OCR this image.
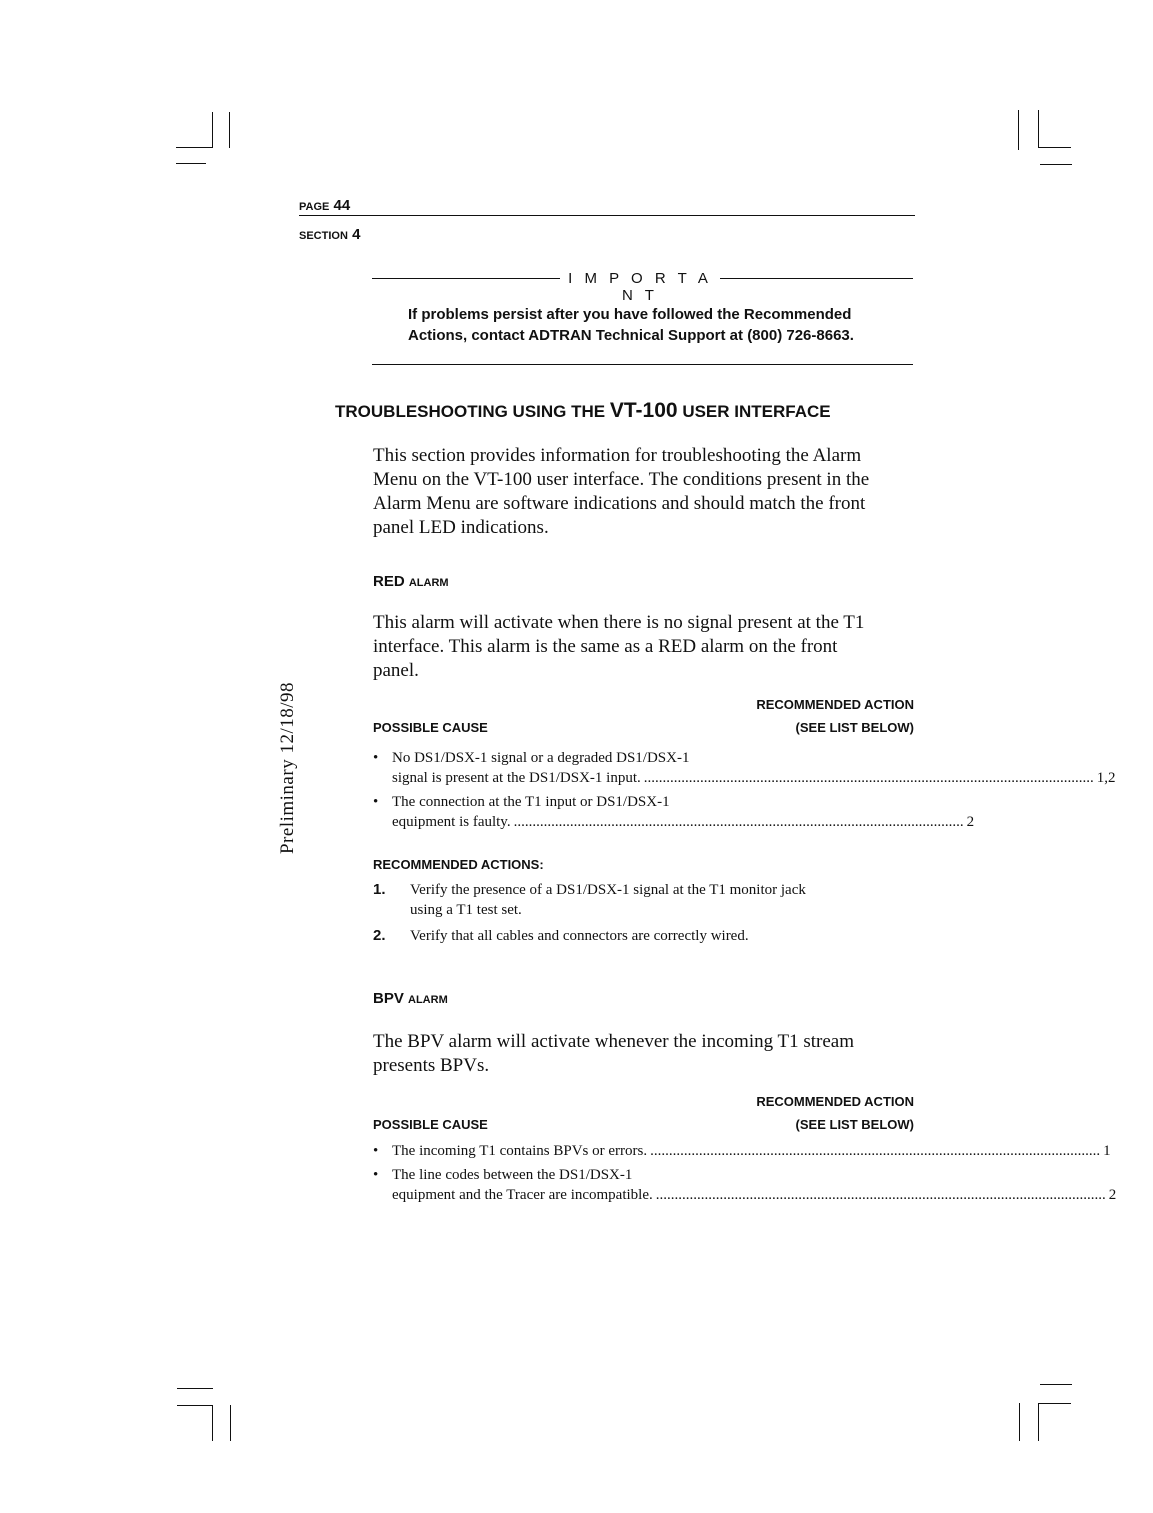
PAGE 44
SECTION 4
I M P O R T A N T
If problems persist after you have followed the Recommended
Actions, contact ADTRAN Technical Support at (800) 726-8663.
TROUBLESHOOTING USING THE VT-100 USER INTERFACE
This section provides information for troubleshooting the Alarm
Menu on the VT-100 user interface. The conditions present in the
Alarm Menu are software indications and should match the front
panel LED indications.
Preliminary 12/18/98
RED ALARM
This alarm will activate when there is no signal present at the T1
interface. This alarm is the same as a RED alarm on the front
panel.
RECOMMENDED ACTION
POSSIBLE CAUSE	(SEE LIST BELOW)
• No DS1/DSX-1 signal or a degraded DS1/DSX-1
signal is present at the DS1/DSX-1 input. ........................................................................................................................ 1,2
• The connection at the T1 input or DS1/DSX-1
equipment is faulty. ........................................................................................................................ 2
RECOMMENDED ACTIONS:
1. Verify the presence of a DS1/DSX-1 signal at the T1 monitor jack
using a T1 test set.
2. Verify that all cables and connectors are correctly wired.
BPV ALARM
The BPV alarm will activate whenever the incoming T1 stream
presents BPVs.
RECOMMENDED ACTION
POSSIBLE CAUSE	(SEE LIST BELOW)
• The incoming T1 contains BPVs or errors. ........................................................................................................................ 1
• The line codes between the DS1/DSX-1
equipment and the Tracer are incompatible. ........................................................................................................................ 2
